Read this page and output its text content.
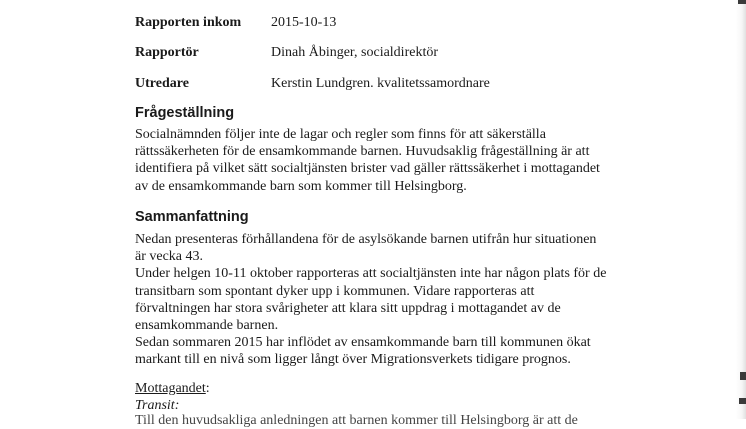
Rapporten inkom 2015-10-13
Rapportör	Dinah Åbinger, socialdirektör
Utredare	Kerstin Lundgren. kvalitetssamordnare
Frågeställning
Socialnämnden följer inte de lagar och regler som finns för att säkerställa
rättssäkerheten för de ensamkommande barnen. Huvudsaklig frågeställning är att
identifiera på vilket sätt socialtjänsten brister vad gäller rättssäkerhet i mottagandet
av de ensamkommande barn som kommer till Helsingborg.
Sammanfattning
Nedan presenteras förhållandena för de asylsökande barnen utifrån hur situationen
är vecka 43.
Under helgen 10-11 oktober rapporteras att socialtjänsten inte har någon plats för de
transitbarn som spontant dyker upp i kommunen. Vidare rapporteras att
förvaltningen har stora svårigheter att klara sitt uppdrag i mottagandet av de
ensamkommande barnen.
Sedan sommaren 2015 har inflödet av ensamkommande barn till kommunen ökat
markant till en nivå som ligger långt över Migrationsverkets tidigare prognos.
Mottagandet:
Transit:
Till den huvudsakliga anledningen att barnen kommer till Helsingborg är att de
